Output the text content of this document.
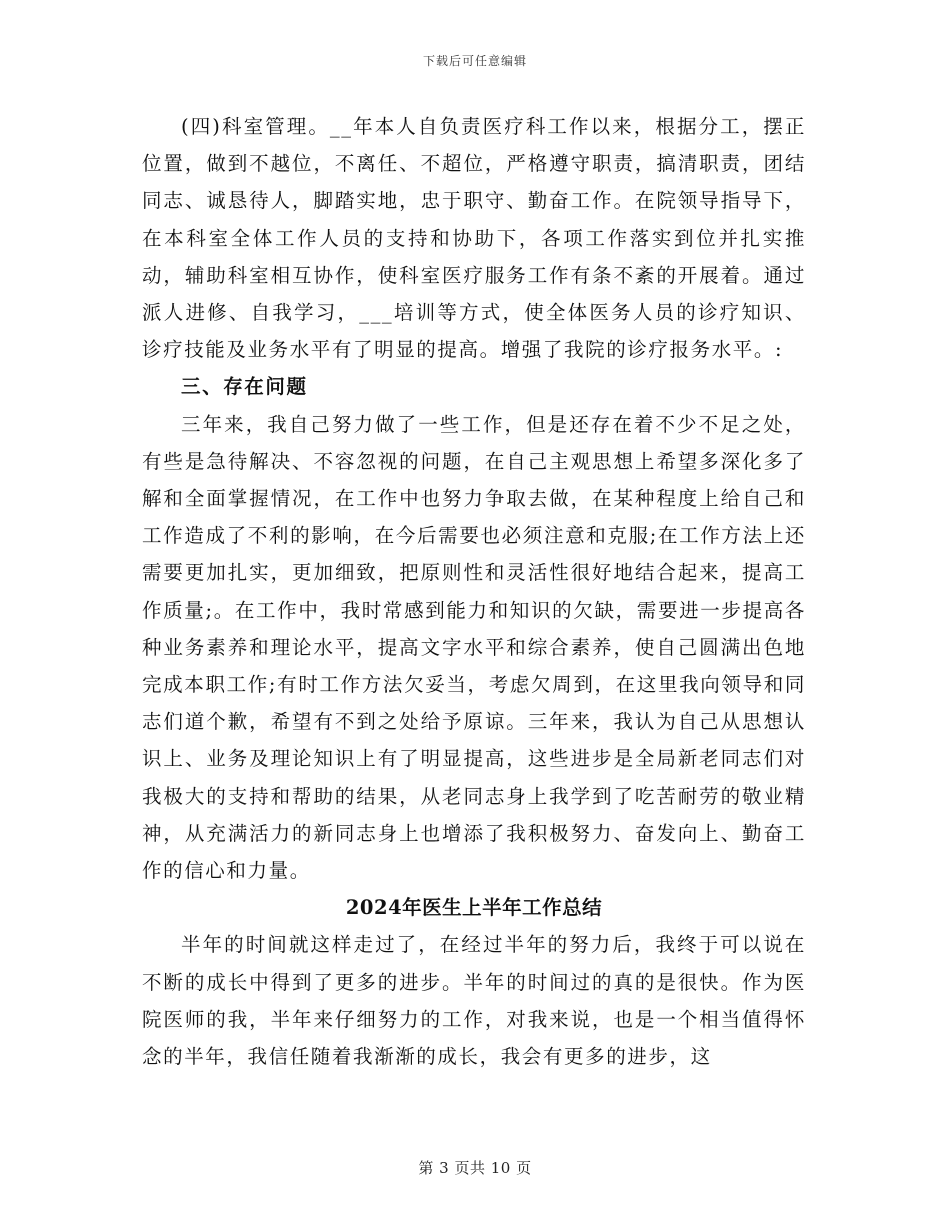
下载后可任意编辑

(四)科室管理。__年本人自负责医疗科工作以来，根据分工，摆正位置，做到不越位，不离任、不超位，严格遵守职责，搞清职责，团结同志、诚恳待人，脚踏实地，忠于职守、勤奋工作。在院领导指导下，在本科室全体工作人员的支持和协助下，各项工作落实到位并扎实推动，辅助科室相互协作，使科室医疗服务工作有条不紊的开展着。通过派人进修、自我学习，___培训等方式，使全体医务人员的诊疗知识、诊疗技能及业务水平有了明显的提高。增强了我院的诊疗报务水平。:

三、存在问题

三年来，我自己努力做了一些工作，但是还存在着不少不足之处，有些是急待解决、不容忽视的问题，在自己主观思想上希望多深化多了解和全面掌握情况，在工作中也努力争取去做，在某种程度上给自己和工作造成了不利的影响，在今后需要也必须注意和克服;在工作方法上还需要更加扎实，更加细致，把原则性和灵活性很好地结合起来，提高工作质量;。在工作中，我时常感到能力和知识的欠缺，需要进一步提高各种业务素养和理论水平，提高文字水平和综合素养，使自己圆满出色地完成本职工作;有时工作方法欠妥当，考虑欠周到，在这里我向领导和同志们道个歉，希望有不到之处给予原谅。三年来，我认为自己从思想认识上、业务及理论知识上有了明显提高，这些进步是全局新老同志们对我极大的支持和帮助的结果，从老同志身上我学到了吃苦耐劳的敬业精神，从充满活力的新同志身上也增添了我积极努力、奋发向上、勤奋工作的信心和力量。

2024年医生上半年工作总结

半年的时间就这样走过了，在经过半年的努力后，我终于可以说在不断的成长中得到了更多的进步。半年的时间过的真的是很快。作为医院医师的我，半年来仔细努力的工作，对我来说，也是一个相当值得怀念的半年，我信任随着我渐渐的成长，我会有更多的进步，这

第 3 页共 10 页
